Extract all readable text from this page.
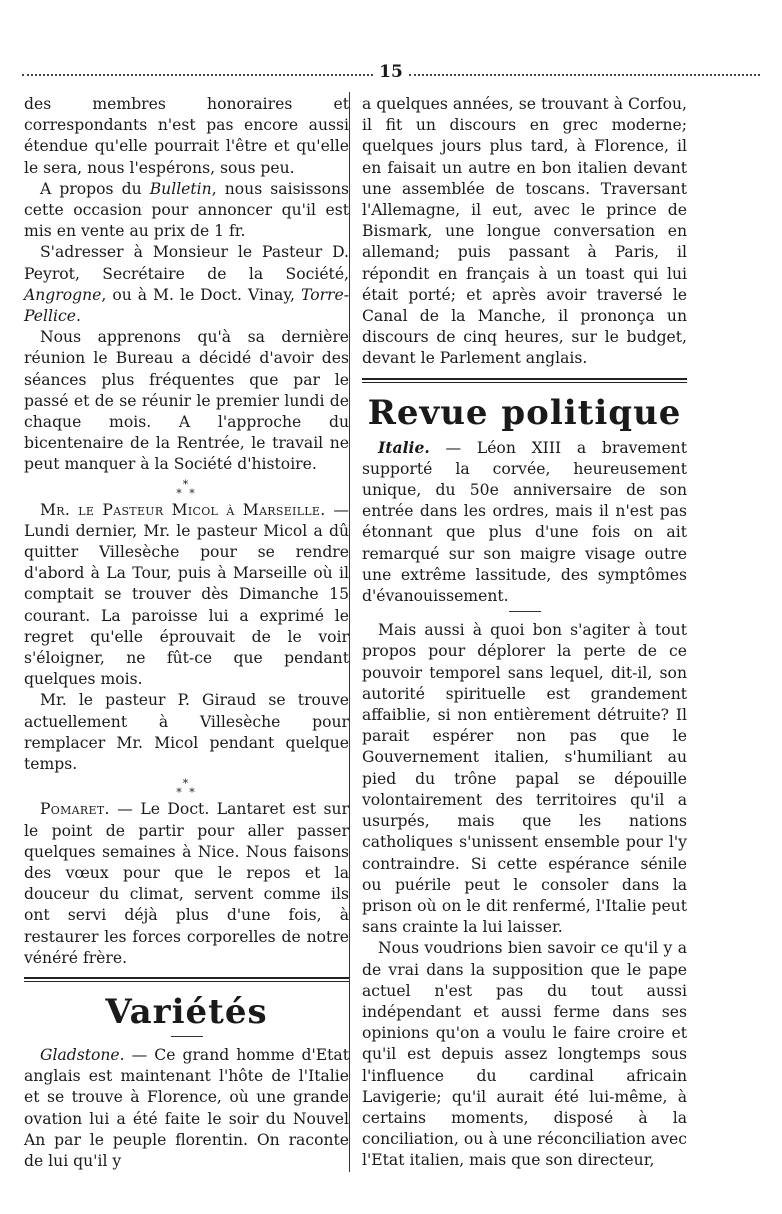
15

des membres honoraires et correspondants n'est pas encore aussi étendue qu'elle pourrait l'être et qu'elle le sera, nous l'espérons, sous peu.

A propos du Bulletin, nous saisissons cette occasion pour annoncer qu'il est mis en vente au prix de 1 fr.

S'adresser à Monsieur le Pasteur D. Peyrot, Secrétaire de la Société, Angrogne, ou à M. le Doct. Vinay, Torre-Pellice.

Nous apprenons qu'à sa dernière réunion le Bureau a décidé d'avoir des séances plus fréquentes que par le passé et de se réunir le premier lundi de chaque mois. A l'approche du bicentenaire de la Rentrée, le travail ne peut manquer à la Société d'histoire.

*
* *

Mr. le Pasteur Micol à Marseille. — Lundi dernier, Mr. le pasteur Micol a dû quitter Villesèche pour se rendre d'abord à La Tour, puis à Marseille où il comptait se trouver dès Dimanche 15 courant. La paroisse lui a exprimé le regret qu'elle éprouvait de le voir s'éloigner, ne fût-ce que pendant quelques mois.

Mr. le pasteur P. Giraud se trouve actuellement à Villesèche pour remplacer Mr. Micol pendant quelque temps.

*
* *

Pomaret. — Le Doct. Lantaret est sur le point de partir pour aller passer quelques semaines à Nice. Nous faisons des vœux pour que le repos et la douceur du climat, servent comme ils ont servi déjà plus d'une fois, à restaurer les forces corporelles de notre vénéré frère.

Variétés

Gladstone. — Ce grand homme d'Etat anglais est maintenant l'hôte de l'Italie et se trouve à Florence, où une grande ovation lui a été faite le soir du Nouvel An par le peuple florentin. On raconte de lui qu'il y

a quelques années, se trouvant à Corfou, il fit un discours en grec moderne; quelques jours plus tard, à Florence, il en faisait un autre en bon italien devant une assemblée de toscans. Traversant l'Allemagne, il eut, avec le prince de Bismark, une longue conversation en allemand; puis passant à Paris, il répondit en français à un toast qui lui était porté; et après avoir traversé le Canal de la Manche, il prononça un discours de cinq heures, sur le budget, devant le Parlement anglais.

Revue politique

Italie. — Léon XIII a bravement supporté la corvée, heureusement unique, du 50e anniversaire de son entrée dans les ordres, mais il n'est pas étonnant que plus d'une fois on ait remarqué sur son maigre visage outre une extrême lassitude, des symptômes d'évanouissement.

Mais aussi à quoi bon s'agiter à tout propos pour déplorer la perte de ce pouvoir temporel sans lequel, dit-il, son autorité spirituelle est grandement affaiblie, si non entièrement détruite? Il parait espérer non pas que le Gouvernement italien, s'humiliant au pied du trône papal se dépouille volontairement des territoires qu'il a usurpés, mais que les nations catholiques s'unissent ensemble pour l'y contraindre. Si cette espérance sénile ou puérile peut le consoler dans la prison où on le dit renfermé, l'Italie peut sans crainte la lui laisser.

Nous voudrions bien savoir ce qu'il y a de vrai dans la supposition que le pape actuel n'est pas du tout aussi indépendant et aussi ferme dans ses opinions qu'on a voulu le faire croire et qu'il est depuis assez longtemps sous l'influence du cardinal africain Lavigerie; qu'il aurait été lui-même, à certains moments, disposé à la conciliation, ou à une réconciliation avec l'Etat italien, mais que son directeur,
